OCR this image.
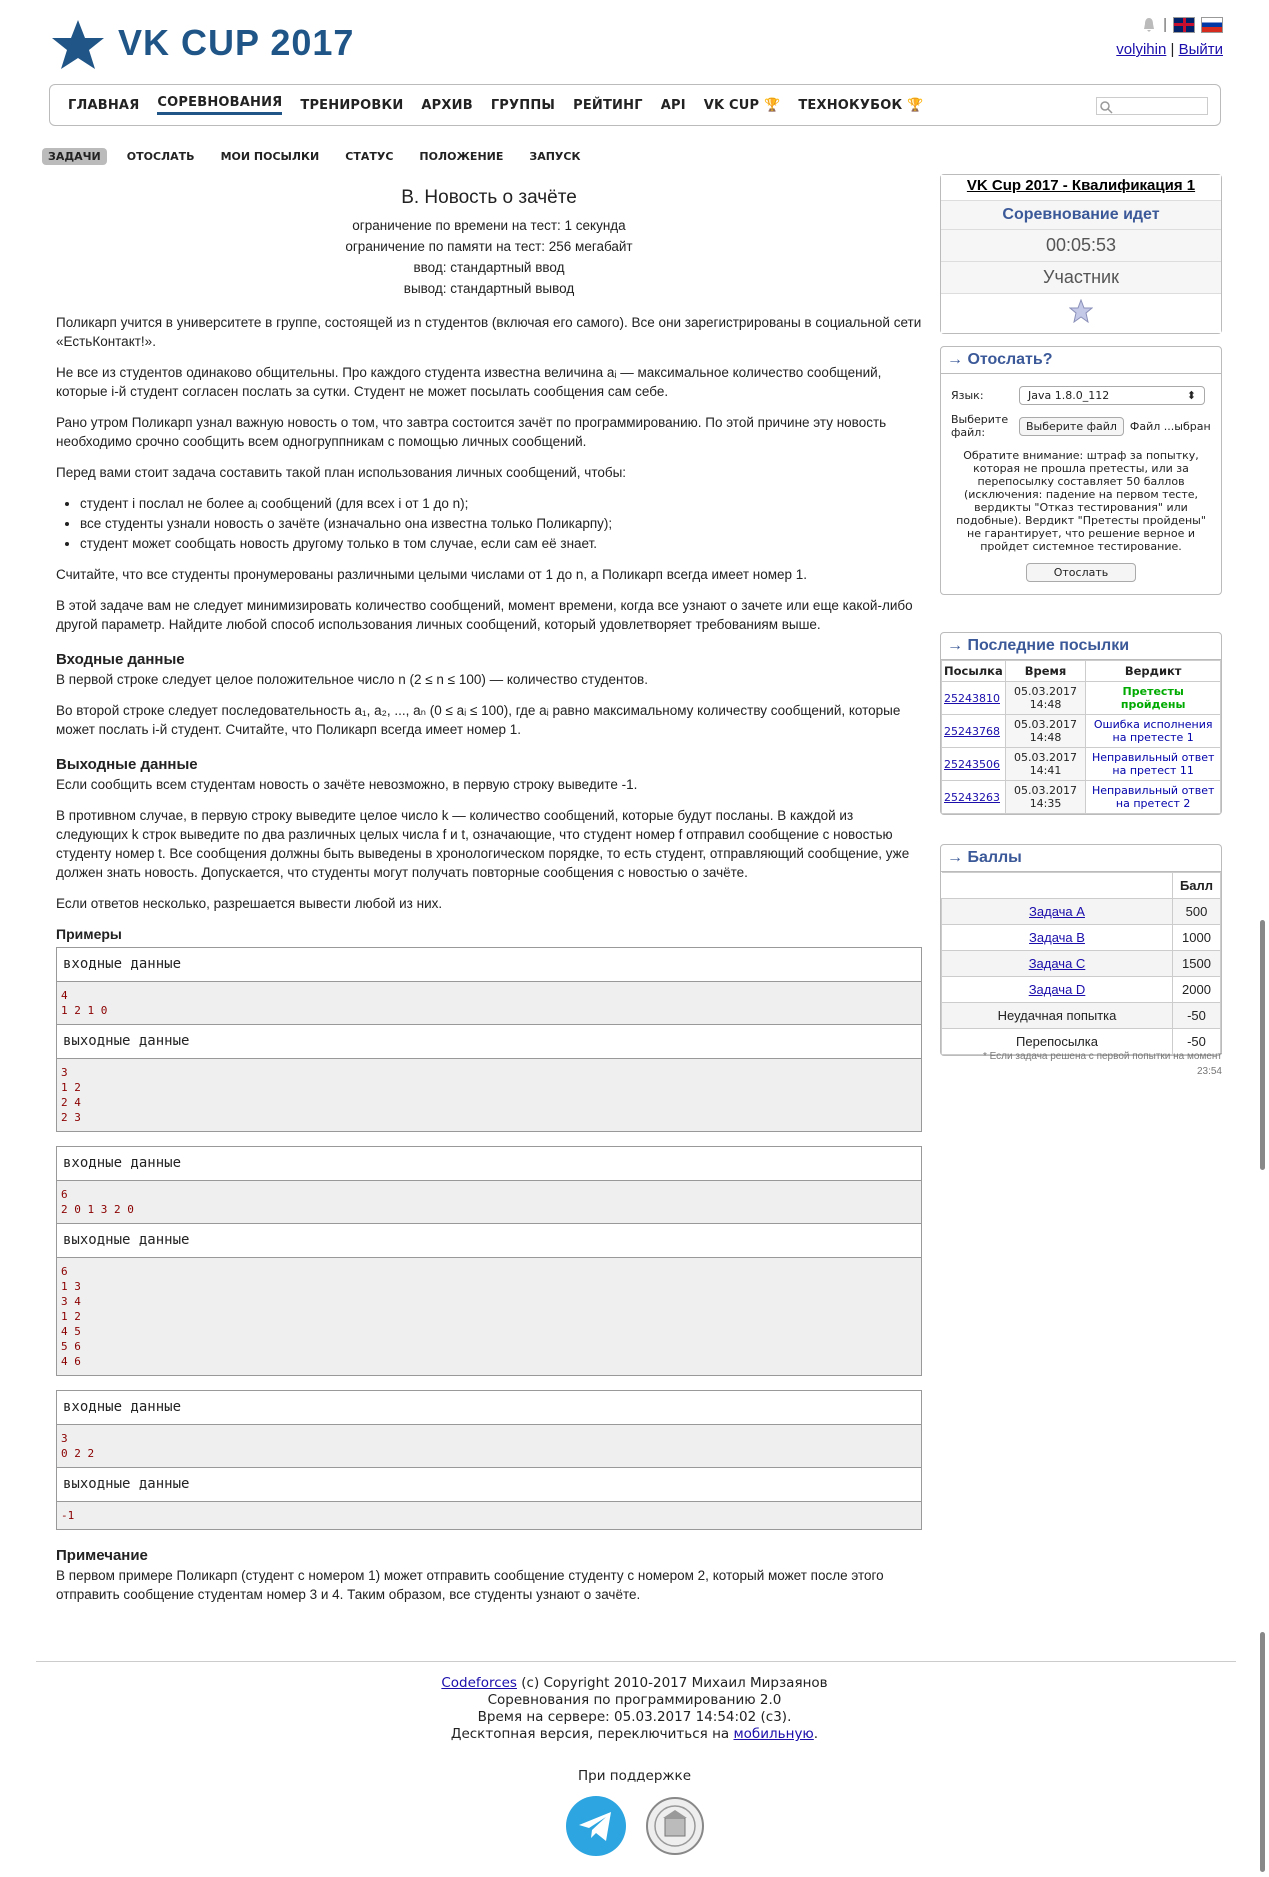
VK CUP 2017	|
volyihin | Выйти
ГЛАВНАЯ СОРЕВНОВАНИЯ ТРЕНИРОВКИ АРХИВ ГРУППЫ РЕЙТИНГ API VK CUP 🏆 ТЕХНОКУБОК 🏆
ЗАДАЧИ	ОТОСЛАТЬ	МОИ ПОСЫЛКИ	СТАТУС	ПОЛОЖЕНИЕ	ЗАПУСК
B. Новость о зачёте
ограничение по времени на тест: 1 секунда
ограничение по памяти на тест: 256 мегабайт
ввод: стандартный ввод
вывод: стандартный вывод

Поликарп учится в университете в группе, состоящей из n студентов (включая его самого). Все они зарегистрированы в социальной сети «ЕстьКонтакт!».

Не все из студентов одинаково общительны. Про каждого студента известна величина aᵢ — максимальное количество сообщений, которые i-й студент согласен послать за сутки. Студент не может посылать сообщения сам себе.

Рано утром Поликарп узнал важную новость о том, что завтра состоится зачёт по программированию. По этой причине эту новость необходимо срочно сообщить всем одногруппникам с помощью личных сообщений.

Перед вами стоит задача составить такой план использования личных сообщений, чтобы:

• студент i послал не более aᵢ сообщений (для всех i от 1 до n);
• все студенты узнали новость о зачёте (изначально она известна только Поликарпу);
• студент может сообщать новость другому только в том случае, если сам её знает.

Считайте, что все студенты пронумерованы различными целыми числами от 1 до n, а Поликарп всегда имеет номер 1.

В этой задаче вам не следует минимизировать количество сообщений, момент времени, когда все узнают о зачете или еще какой-либо другой параметр. Найдите любой способ использования личных сообщений, который удовлетворяет требованиям выше.

Входные данные

В первой строке следует целое положительное число n (2 ≤ n ≤ 100) — количество студентов.

Во второй строке следует последовательность a₁, a₂, ..., aₙ (0 ≤ aᵢ ≤ 100), где aᵢ равно максимальному количеству сообщений, которые может послать i-й студент. Считайте, что Поликарп всегда имеет номер 1.

Выходные данные

Если сообщить всем студентам новость о зачёте невозможно, в первую строку выведите -1.

В противном случае, в первую строку выведите целое число k — количество сообщений, которые будут посланы. В каждой из следующих k строк выведите по два различных целых числа f и t, означающие, что студент номер f отправил сообщение с новостью студенту номер t. Все сообщения должны быть выведены в хронологическом порядке, то есть студент, отправляющий сообщение, уже должен знать новость. Допускается, что студенты могут получать повторные сообщения с новостью о зачёте.

Если ответов несколько, разрешается вывести любой из них.

Примеры
входные данные
4
1 2 1 0
выходные данные
3
1 2
2 4
2 3
входные данные
6
2 0 1 3 2 0
выходные данные
6
1 3
3 4
1 2
4 5
5 6
4 6
входные данные
3
0 2 2
выходные данные
-1
Примечание

В первом примере Поликарп (студент с номером 1) может отправить сообщение студенту с номером 2, который может после этого отправить сообщение студентам номер 3 и 4. Таким образом, все студенты узнают о зачёте.

VK Cup 2017 - Квалификация 1
Соревнование идет
00:05:53
Участник
→ Отослать?
Язык:	Java 1.8.0_112	⬍
Выберите файл:	Выберите файл	Файл ...ыбран
Обратите внимание: штраф за попытку, которая не прошла претесты, или за перепосылку составляет 50 баллов (исключения: падение на первом тесте, вердикты "Отказ тестирования" или подобные). Вердикт "Претесты пройдены" не гарантирует, что решение верное и пройдет системное тестирование.
Отослать
→ Последние посылки
Посылка	Время	Вердикт
25243810	05.03.2017 14:48	Претесты пройдены
25243768	05.03.2017 14:48	Ошибка исполнения на претесте 1
25243506	05.03.2017 14:41	Неправильный ответ на претест 11
25243263	05.03.2017 14:35	Неправильный ответ на претест 2
→ Баллы
	Балл
Задача A	500
Задача B	1000
Задача C	1500
Задача D	2000
Неудачная попытка	-50
Перепосылка	-50
* Если задача решена с первой попытки на момент
23:54
Codeforces (c) Copyright 2010-2017 Михаил Мирзаянов
Соревнования по программированию 2.0
Время на сервере: 05.03.2017 14:54:02 (c3).
Десктопная версия, переключиться на мобильную.
При поддержке
